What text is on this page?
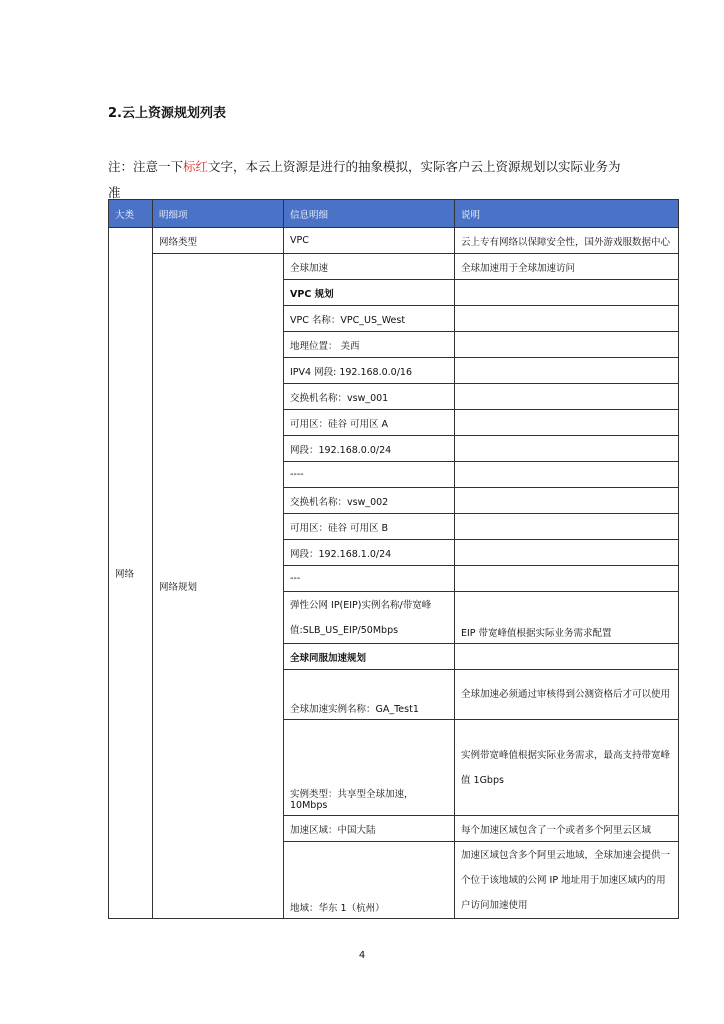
2.云上资源规划列表
注：注意一下标红文字，本云上资源是进行的抽象模拟，实际客户云上资源规划以实际业务为准
大类	明细项	信息明细	说明
网络	网络类型	VPC	云上专有网络以保障安全性，国外游戏服数据中心
	网络规划	全球加速	全球加速用于全球加速访问
		VPC 规划	
		VPC 名称：VPC_US_West	
		地理位置： 美西	
		IPV4 网段: 192.168.0.0/16	
		交换机名称：vsw_001	
		可用区：硅谷 可用区 A	
		网段：192.168.0.0/24	
		----	
		交换机名称：vsw_002	
		可用区：硅谷 可用区 B	
		网段：192.168.1.0/24	
		---	
		弹性公网 IP(EIP)实例名称/带宽峰值:SLB_US_EIP/50Mbps	EIP 带宽峰值根据实际业务需求配置
		全球同服加速规划	
		全球加速实例名称：GA_Test1	全球加速必须通过审核得到公测资格后才可以使用
		实例类型：共享型全球加速，10Mbps	实例带宽峰值根据实际业务需求，最高支持带宽峰值 1Gbps
		加速区域：中国大陆	每个加速区域包含了一个或者多个阿里云区域
		地域：华东 1（杭州）	加速区域包含多个阿里云地域，全球加速会提供一个位于该地域的公网 IP 地址用于加速区域内的用户访问加速使用
4
